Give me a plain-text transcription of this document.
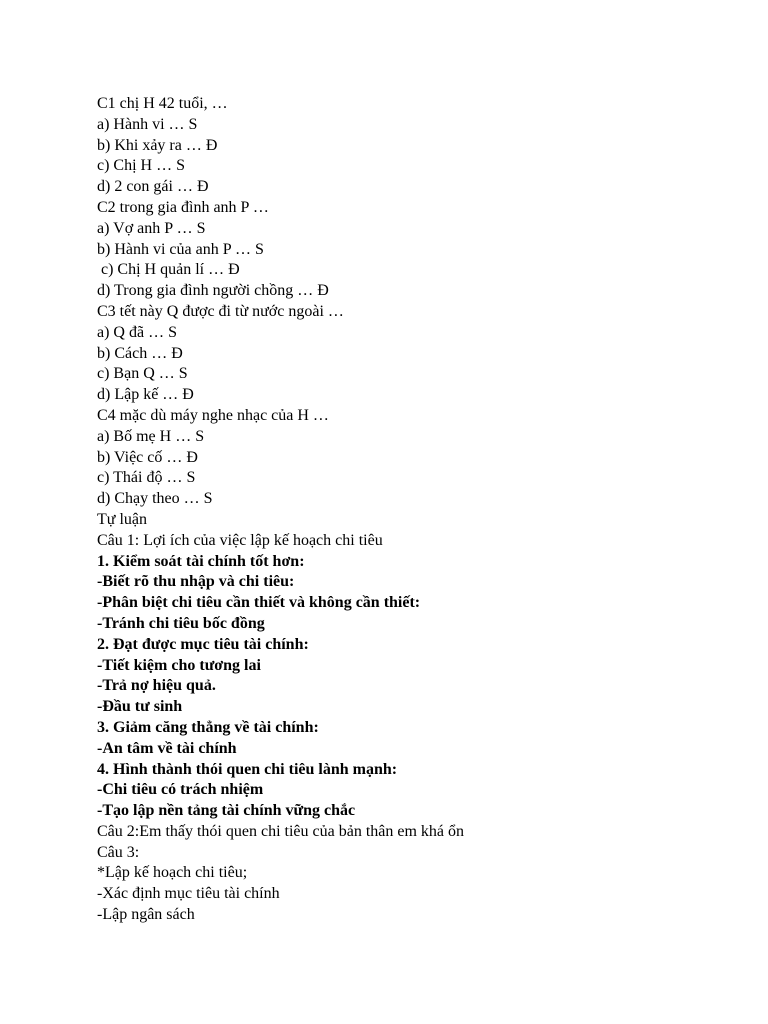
C1 chị H 42 tuổi, …
a) Hành vi … S
b) Khi xảy ra … Đ
c) Chị H … S
d) 2 con gái … Đ
C2 trong gia đình anh P …
a) Vợ anh P … S
b) Hành vi của anh P … S
c) Chị H quản lí … Đ
d) Trong gia đình người chồng … Đ
C3 tết này Q được đi từ nước ngoài …
a) Q đã … S
b) Cách … Đ
c) Bạn Q … S
d) Lập kế … Đ
C4 mặc dù máy nghe nhạc của H …
a) Bố mẹ H … S
b) Việc cố … Đ
c) Thái độ … S
d) Chạy theo … S
Tự luận
Câu 1: Lợi ích của việc lập kế hoạch chi tiêu
1. Kiểm soát tài chính tốt hơn:
-Biết rõ thu nhập và chi tiêu:
-Phân biệt chi tiêu cần thiết và không cần thiết:
-Tránh chi tiêu bốc đồng
2. Đạt được mục tiêu tài chính:
-Tiết kiệm cho tương lai
-Trả nợ hiệu quả.
-Đầu tư sinh
3. Giảm căng thẳng về tài chính:
-An tâm về tài chính
4. Hình thành thói quen chi tiêu lành mạnh:
-Chi tiêu có trách nhiệm
-Tạo lập nền tảng tài chính vững chắc
Câu 2:Em thấy thói quen chi tiêu của bản thân em khá ổn
Câu 3:
*Lập kế hoạch chi tiêu;
-Xác định mục tiêu tài chính
-Lập ngân sách
